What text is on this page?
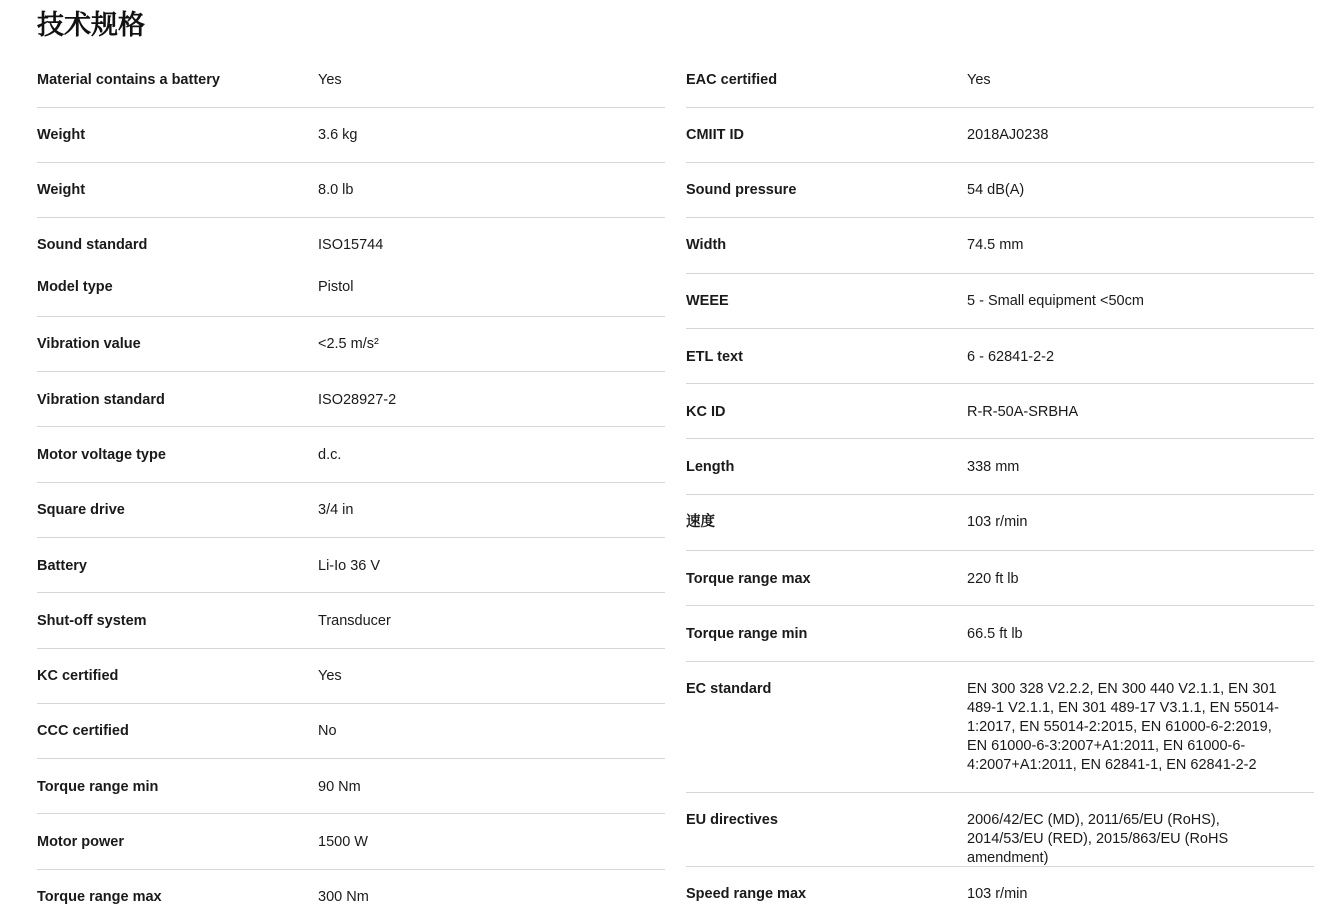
技术规格
Material contains a battery	Yes
Weight	3.6 kg
Weight	8.0 lb
Sound standard	ISO15744
Model type	Pistol
Vibration value	<2.5 m/s²
Vibration standard	ISO28927-2
Motor voltage type	d.c.
Square drive	3/4 in
Battery	Li-Io 36 V
Shut-off system	Transducer
KC certified	Yes
CCC certified	No
Torque range min	90 Nm
Motor power	1500 W
Torque range max	300 Nm
EAC certified	Yes
CMIIT ID	2018AJ0238
Sound pressure	54 dB(A)
Width	74.5 mm
WEEE	5 - Small equipment <50cm
ETL text	6 - 62841-2-2
KC ID	R-R-50A-SRBHA
Length	338 mm
速度	103 r/min
Torque range max	220 ft lb
Torque range min	66.5 ft lb
EC standard	EN 300 328 V2.2.2, EN 300 440 V2.1.1, EN 301 489-1 V2.1.1, EN 301 489-17 V3.1.1, EN 55014-1:2017, EN 55014-2:2015, EN 61000-6-2:2019, EN 61000-6-3:2007+A1:2011, EN 61000-6-4:2007+A1:2011, EN 62841-1, EN 62841-2-2
EU directives	2006/42/EC (MD), 2011/65/EU (RoHS), 2014/53/EU (RED), 2015/863/EU (RoHS amendment)
Speed range max	103 r/min
